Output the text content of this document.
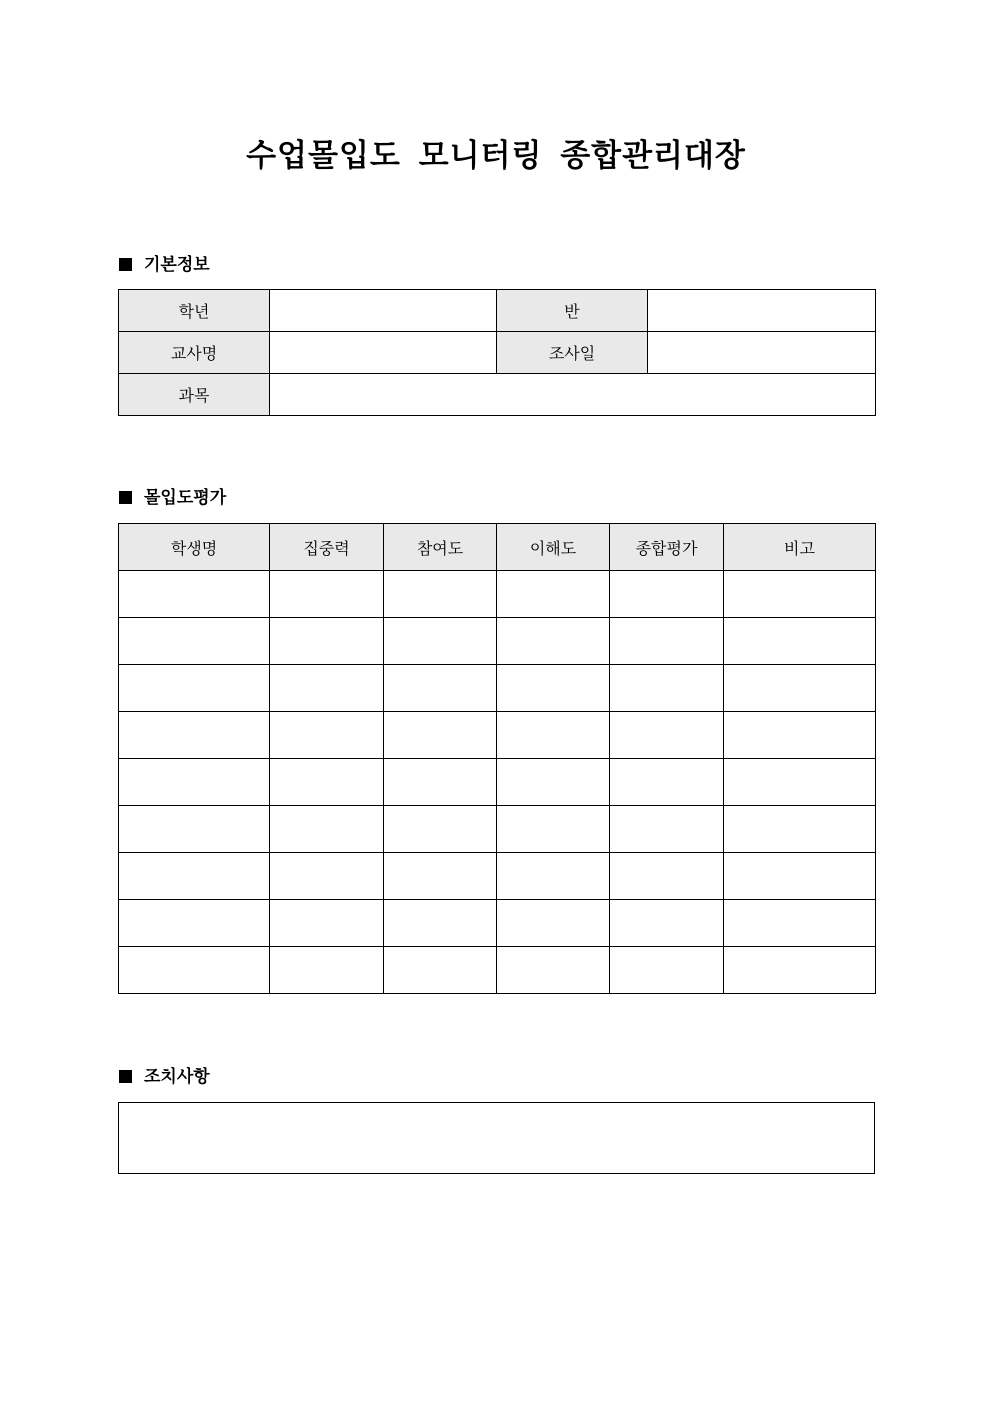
수업몰입도 모니터링 종합관리대장
기본정보
학년		반	
교사명		조사일	
과목			
몰입도평가
학생명	집중력	참여도	이해도	종합평가	비고

조치사항
